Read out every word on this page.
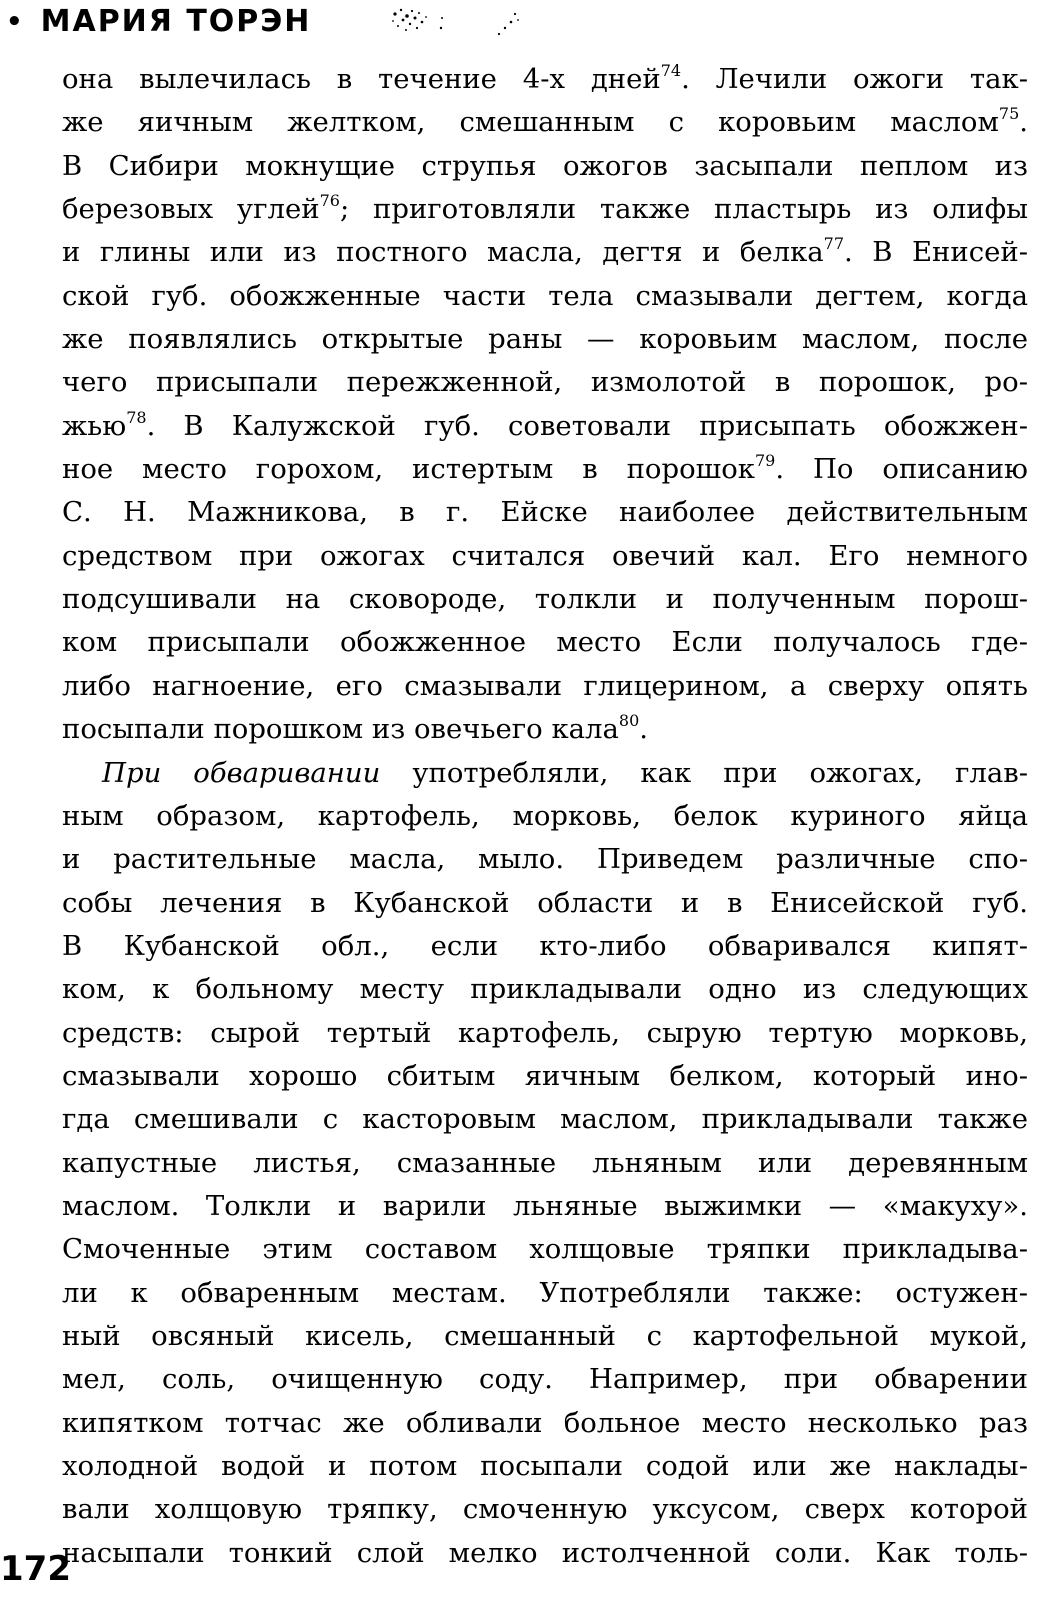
• МАРИЯ ТОРЭН
она вылечилась в течение 4-х дней$^{74}$. Лечили ожоги так-
же яичным желтком, смешанным с коровьим маслом$^{75}$.
В Сибири мокнущие струпья ожогов засыпали пеплом из
березовых углей$^{76}$; приготовляли также пластырь из олифы
и глины или из постного масла, дегтя и белка$^{77}$. В Енисей-
ской губ. обожженные части тела смазывали дегтем, когда
же появлялись открытые раны — коровьим маслом, после
чего присыпали пережженной, измолотой в порошок, ро-
жью$^{78}$. В Калужской губ. советовали присыпать обожжен-
ное место горохом, истертым в порошок$^{79}$. По описанию
С. Н. Мажникова, в г. Ейске наиболее действительным
средством при ожогах считался овечий кал. Его немного
подсушивали на сковороде, толкли и полученным порош-
ком присыпали обожженное место Если получалось где-
либо нагноение, его смазывали глицерином, а сверху опять
посыпали порошком из овечьего кала$^{80}$.
При обваривании употребляли, как при ожогах, глав-
ным образом, картофель, морковь, белок куриного яйца
и растительные масла, мыло. Приведем различные спо-
собы лечения в Кубанской области и в Енисейской губ.
В Кубанской обл., если кто-либо обваривался кипят-
ком, к больному месту прикладывали одно из следующих
средств: сырой тертый картофель, сырую тертую морковь,
смазывали хорошо сбитым яичным белком, который ино-
гда смешивали с касторовым маслом, прикладывали также
капустные листья, смазанные льняным или деревянным
маслом. Толкли и варили льняные выжимки — «макуху».
Смоченные этим составом холщовые тряпки прикладыва-
ли к обваренным местам. Употребляли также: остужен-
ный овсяный кисель, смешанный с картофельной мукой,
мел, соль, очищенную соду. Например, при обварении
кипятком тотчас же обливали больное место несколько раз
холодной водой и потом посыпали содой или же наклады-
вали холщовую тряпку, смоченную уксусом, сверх которой
насыпали тонкий слой мелко истолченной соли. Как толь-
172
